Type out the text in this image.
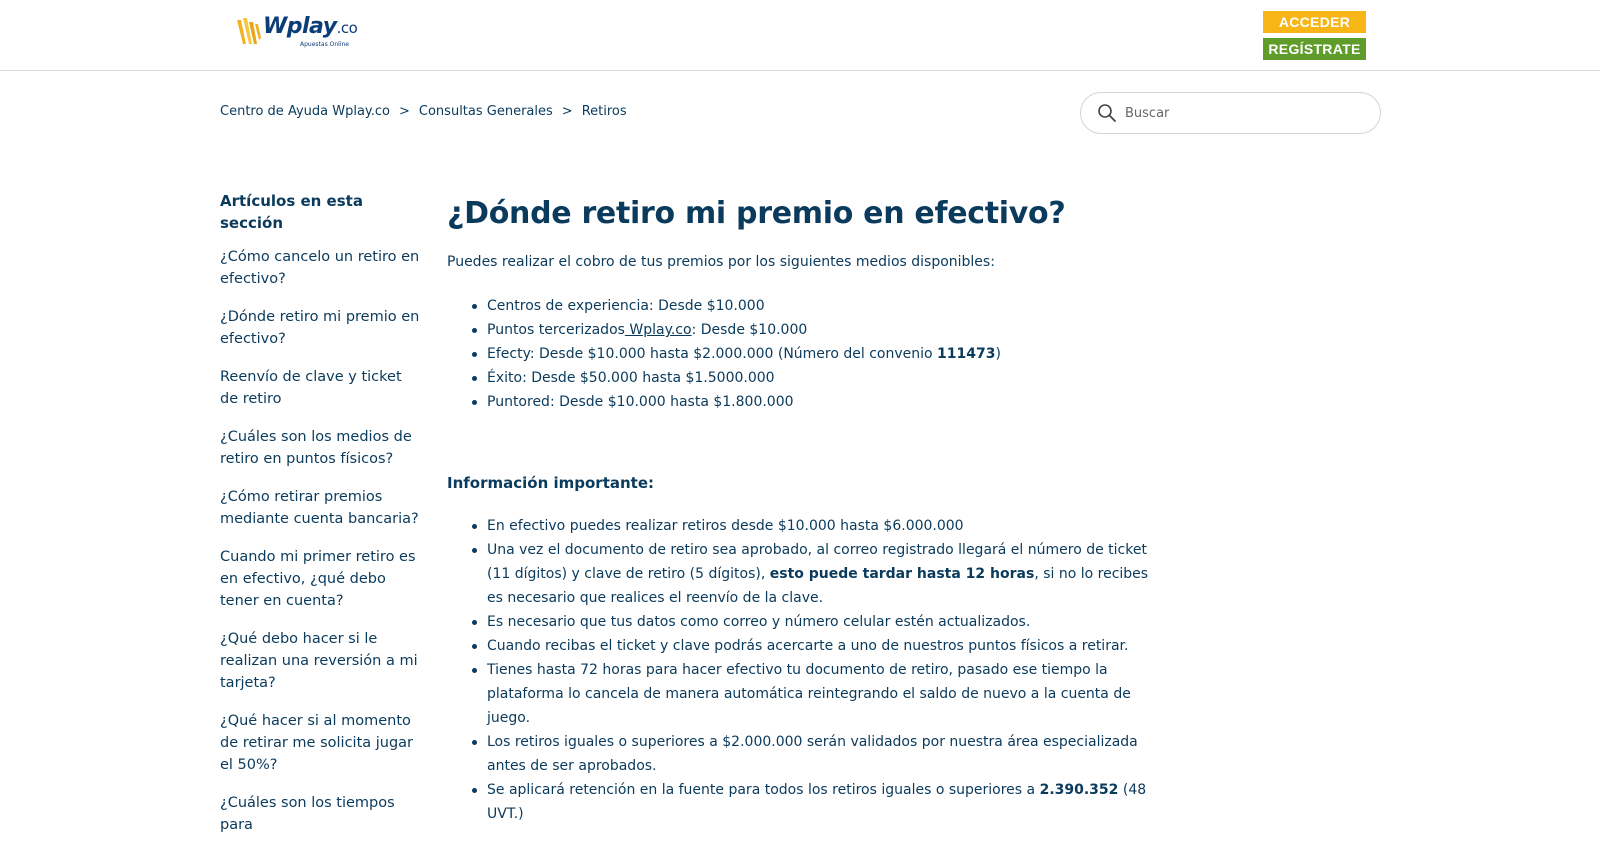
Wplay.co
Apuestas Online
ACCEDER
REGÍSTRATE
Centro de Ayuda Wplay.co > Consultas Generales > Retiros
Buscar
Artículos en esta sección
¿Cómo cancelo un retiro en efectivo?
¿Dónde retiro mi premio en efectivo?
Reenvío de clave y ticket de retiro
¿Cuáles son los medios de retiro en puntos físicos?
¿Cómo retirar premios mediante cuenta bancaria?
Cuando mi primer retiro es en efectivo, ¿qué debo tener en cuenta?
¿Qué debo hacer si le realizan una reversión a mi tarjeta?
¿Qué hacer si al momento de retirar me solicita jugar el 50%?
¿Cuáles son los tiempos para
¿Dónde retiro mi premio en efectivo?

Puedes realizar el cobro de tus premios por los siguientes medios disponibles:

Centros de experiencia: Desde $10.000
Puntos tercerizados Wplay.co: Desde $10.000
Efecty: Desde $10.000 hasta $2.000.000 (Número del convenio 111473)
Éxito: Desde $50.000 hasta $1.5000.000
Puntored: Desde $10.000 hasta $1.800.000
Información importante:
En efectivo puedes realizar retiros desde $10.000 hasta $6.000.000
Una vez el documento de retiro sea aprobado, al correo registrado llegará el número de ticket (11 dígitos) y clave de retiro (5 dígitos), esto puede tardar hasta 12 horas, si no lo recibes es necesario que realices el reenvío de la clave.
Es necesario que tus datos como correo y número celular estén actualizados.
Cuando recibas el ticket y clave podrás acercarte a uno de nuestros puntos físicos a retirar.
Tienes hasta 72 horas para hacer efectivo tu documento de retiro, pasado ese tiempo la plataforma lo cancela de manera automática reintegrando el saldo de nuevo a la cuenta de juego.
Los retiros iguales o superiores a $2.000.000 serán validados por nuestra área especializada antes de ser aprobados.
Se aplicará retención en la fuente para todos los retiros iguales o superiores a 2.390.352 (48 UVT.)
